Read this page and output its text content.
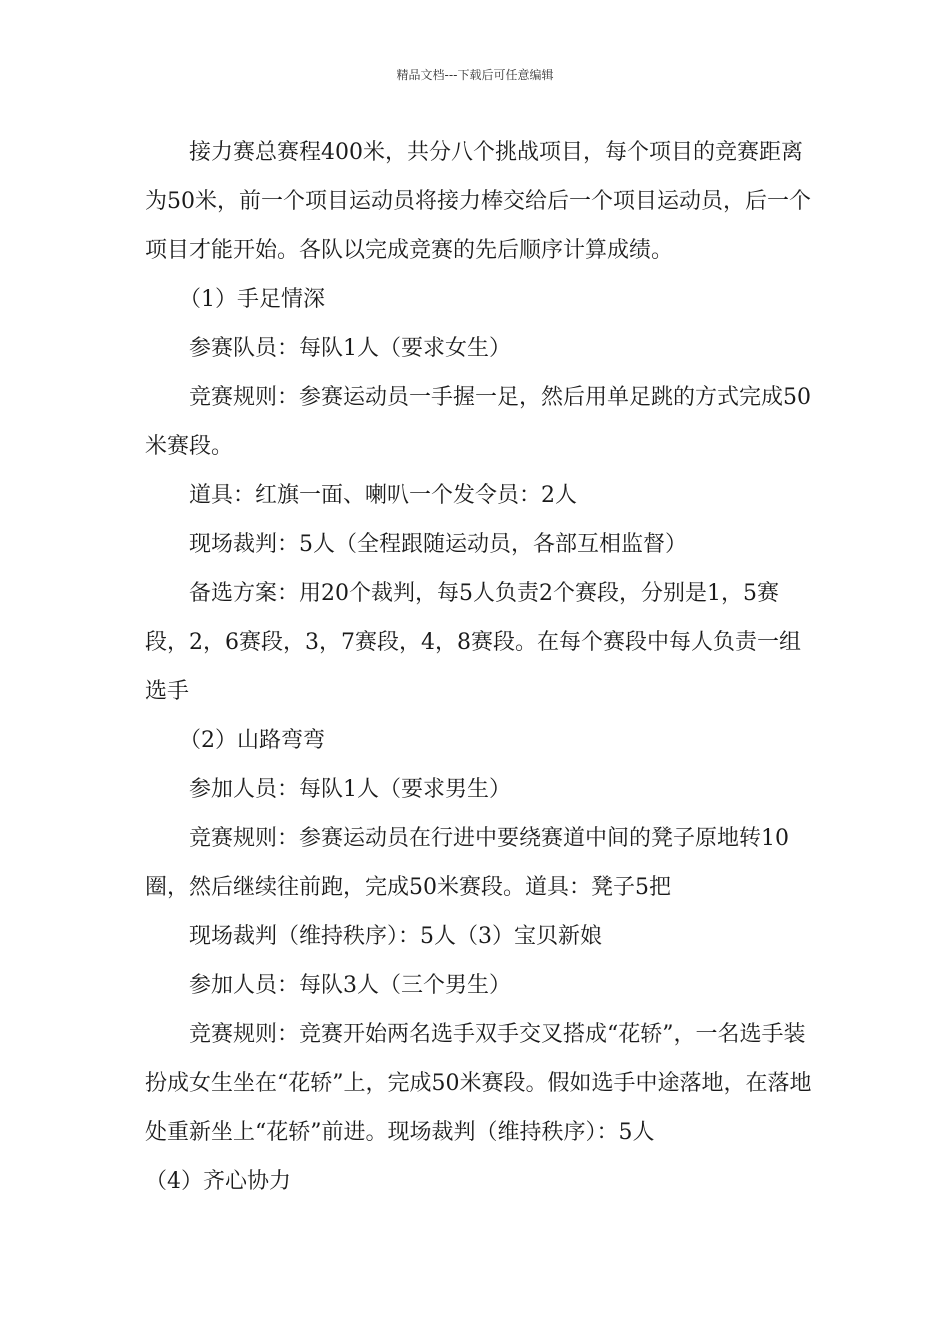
精品文档---下载后可任意编辑

接力赛总赛程400米，共分八个挑战项目，每个项目的竞赛距离为50米，前一个项目运动员将接力棒交给后一个项目运动员，后一个项目才能开始。各队以完成竞赛的先后顺序计算成绩。

（1）手足情深

参赛队员：每队1人（要求女生）

竞赛规则：参赛运动员一手握一足，然后用单足跳的方式完成50米赛段。

道具：红旗一面、喇叭一个发令员：2人

现场裁判：5人（全程跟随运动员，各部互相监督）

备选方案：用20个裁判，每5人负责2个赛段，分别是1，5赛段，2，6赛段，3，7赛段，4，8赛段。在每个赛段中每人负责一组选手

（2）山路弯弯

参加人员：每队1人（要求男生）

竞赛规则：参赛运动员在行进中要绕赛道中间的凳子原地转10圈，然后继续往前跑，完成50米赛段。道具：凳子5把

现场裁判（维持秩序）：5人（3）宝贝新娘

参加人员：每队3人（三个男生）

竞赛规则：竞赛开始两名选手双手交叉搭成“花轿”，一名选手装扮成女生坐在“花轿”上，完成50米赛段。假如选手中途落地，在落地处重新坐上“花轿”前进。现场裁判（维持秩序）：5人

（4）齐心协力
